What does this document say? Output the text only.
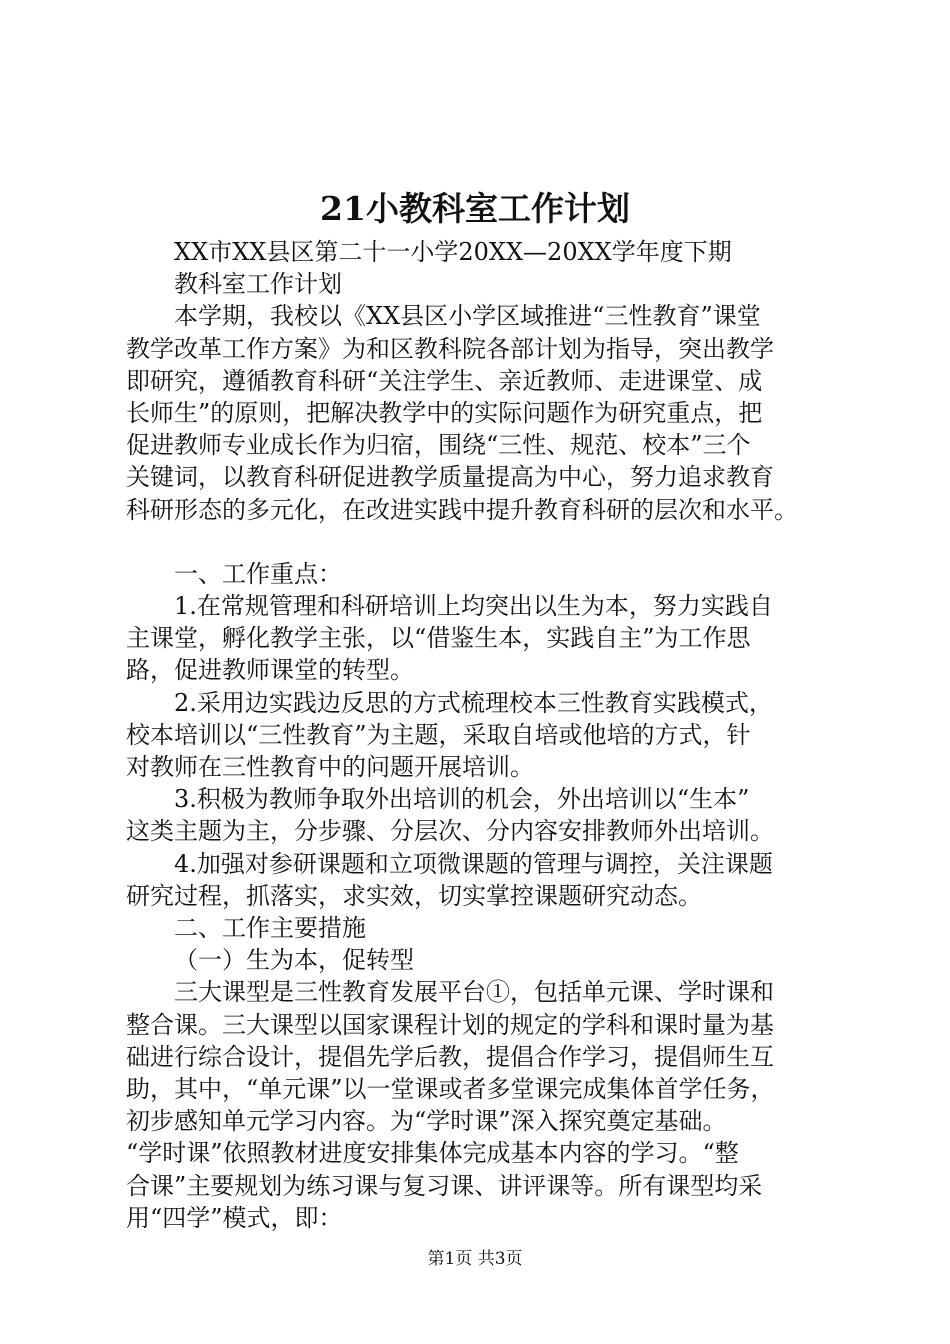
21小教科室工作计划

XX市XX县区第二十一小学20XX—20XX学年度下期

教科室工作计划

本学期，我校以《XX县区小学区域推进“三性教育”课堂

教学改革工作方案》为和区教科院各部计划为指导，突出教学

即研究，遵循教育科研“关注学生、亲近教师、走进课堂、成

长师生”的原则，把解决教学中的实际问题作为研究重点，把

促进教师专业成长作为归宿，围绕“三性、规范、校本”三个

关键词，以教育科研促进教学质量提高为中心，努力追求教育

科研形态的多元化，在改进实践中提升教育科研的层次和水平。

一、工作重点：

1.在常规管理和科研培训上均突出以生为本，努力实践自

主课堂，孵化教学主张，以“借鉴生本，实践自主”为工作思

路，促进教师课堂的转型。

2.采用边实践边反思的方式梳理校本三性教育实践模式，

校本培训以“三性教育”为主题，采取自培或他培的方式，针

对教师在三性教育中的问题开展培训。

3.积极为教师争取外出培训的机会，外出培训以“生本”

这类主题为主，分步骤、分层次、分内容安排教师外出培训。

4.加强对参研课题和立项微课题的管理与调控，关注课题

研究过程，抓落实，求实效，切实掌控课题研究动态。

二、工作主要措施

（一）生为本，促转型

三大课型是三性教育发展平台①，包括单元课、学时课和

整合课。三大课型以国家课程计划的规定的学科和课时量为基

础进行综合设计，提倡先学后教，提倡合作学习，提倡师生互

助，其中，“单元课”以一堂课或者多堂课完成集体首学任务，

初步感知单元学习内容。为“学时课”深入探究奠定基础。

“学时课”依照教材进度安排集体完成基本内容的学习。“整

合课”主要规划为练习课与复习课、讲评课等。所有课型均采

用“四学”模式，即：

第1页 共3页
